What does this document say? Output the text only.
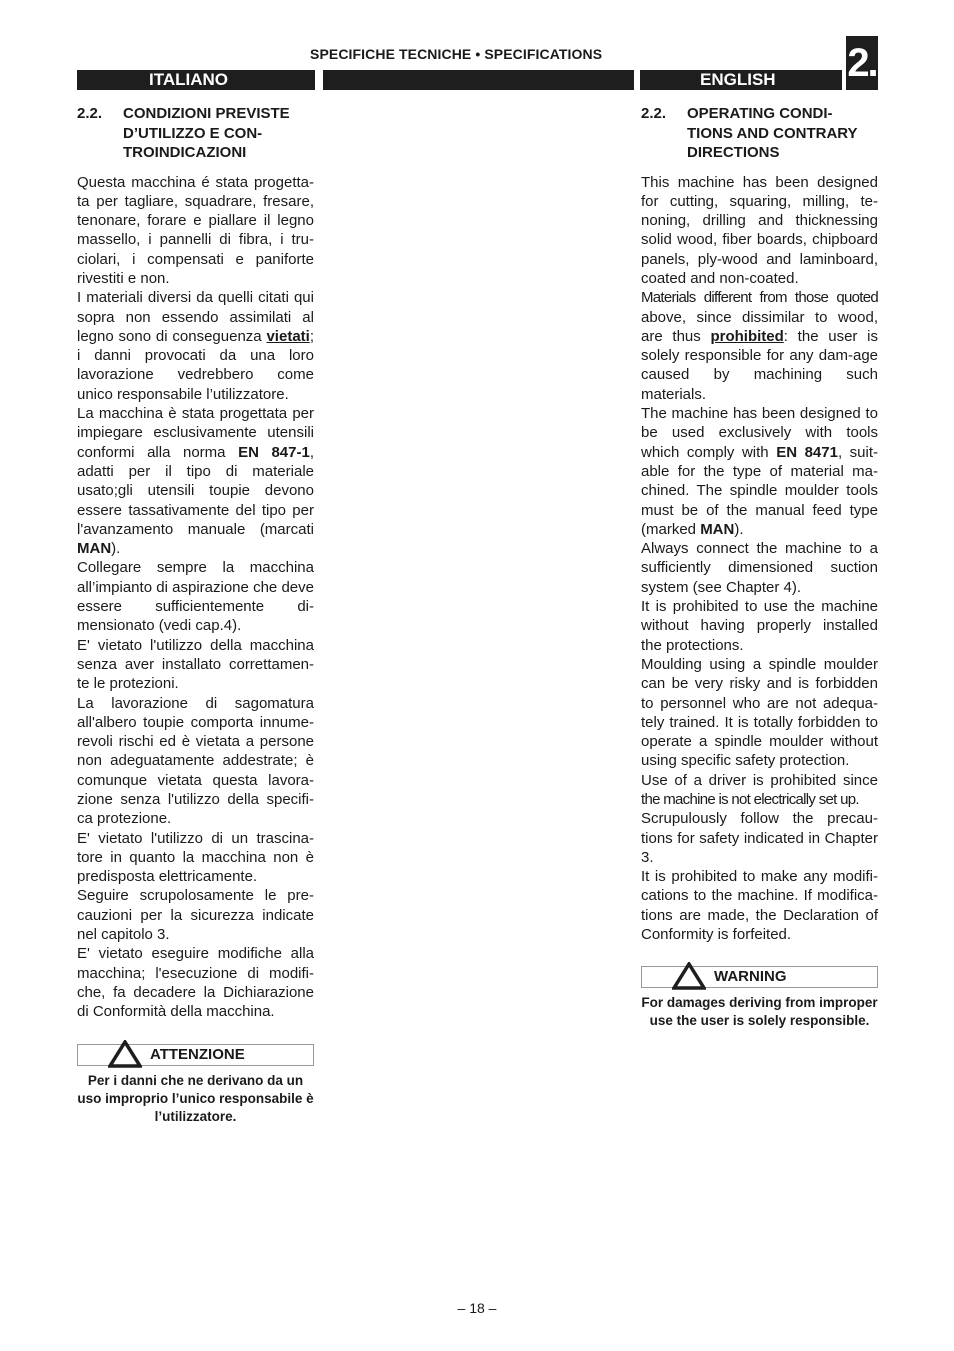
SPECIFICHE TECNICHE • SPECIFICATIONS	2.
ITALIANO	ENGLISH
2.2.	CONDIZIONI PREVISTE D’UTILIZZO E CON-TROINDICAZIONI

Questa macchina é stata progetta-ta per tagliare, squadrare, fresare, tenonare, forare e piallare il legno massello, i pannelli di fibra, i tru-ciolari, i compensati e paniforte rivestiti e non.

I materiali diversi da quelli citati qui sopra non essendo assimilati al legno sono di conseguenza vietati; i danni provocati da una loro lavorazione vedrebbero come unico responsabile l’utilizzatore.

La macchina è stata progettata per impiegare esclusivamente utensili conformi alla norma EN 847-1, adatti per il tipo di materiale usato;gli utensili toupie devono essere tassativamente del tipo per l'avanzamento manuale (marcati MAN).

Collegare sempre la macchina all’impianto di aspirazione che deve essere sufficientemente di-mensionato (vedi cap.4).

E' vietato l'utilizzo della macchina senza aver installato correttamen-te le protezioni.

La lavorazione di sagomatura all'albero toupie comporta innume-revoli rischi ed è vietata a persone non adeguatamente addestrate; è comunque vietata questa lavora-zione senza l'utilizzo della specifi-ca protezione.

E' vietato l'utilizzo di un trascina-tore in quanto la macchina non è predisposta elettricamente.

Seguire scrupolosamente le pre-cauzioni per la sicurezza indicate nel capitolo 3.

E' vietato eseguire modifiche alla macchina; l'esecuzione di modifi-che, fa decadere la Dichiarazione di Conformità della macchina.

ATTENZIONE
Per i danni che ne derivano da un uso improprio l’unico responsabile è l’utilizzatore.
2.2.	OPERATING CONDI-TIONS AND CONTRARY DIRECTIONS

This machine has been designed for cutting, squaring, milling, te-noning, drilling and thicknessing solid wood, fiber boards, chipboard panels, ply-wood and laminboard, coated and non-coated.

Materials different from those quoted above, since dissimilar to wood, are thus prohibited: the user is solely responsible for any dam-age caused by machining such materials.

The machine has been designed to be used exclusively with tools which comply with EN 8471, suit-able for the type of material ma-chined. The spindle moulder tools must be of the manual feed type (marked MAN).

Always connect the machine to a sufficiently dimensioned suction system (see Chapter 4).

It is prohibited to use the machine without having properly installed the protections.

Moulding using a spindle moulder can be very risky and is forbidden to personnel who are not adequa-tely trained. It is totally forbidden to operate a spindle moulder without using specific safety protection.

Use of a driver is prohibited since the machine is not electrically set up.

Scrupulously follow the precau-tions for safety indicated in Chapter 3.

It is prohibited to make any modifi-cations to the machine. If modifica-tions are made, the Declaration of Conformity is forfeited.

WARNING
For damages deriving from improper use the user is solely responsible.
– 18 –
